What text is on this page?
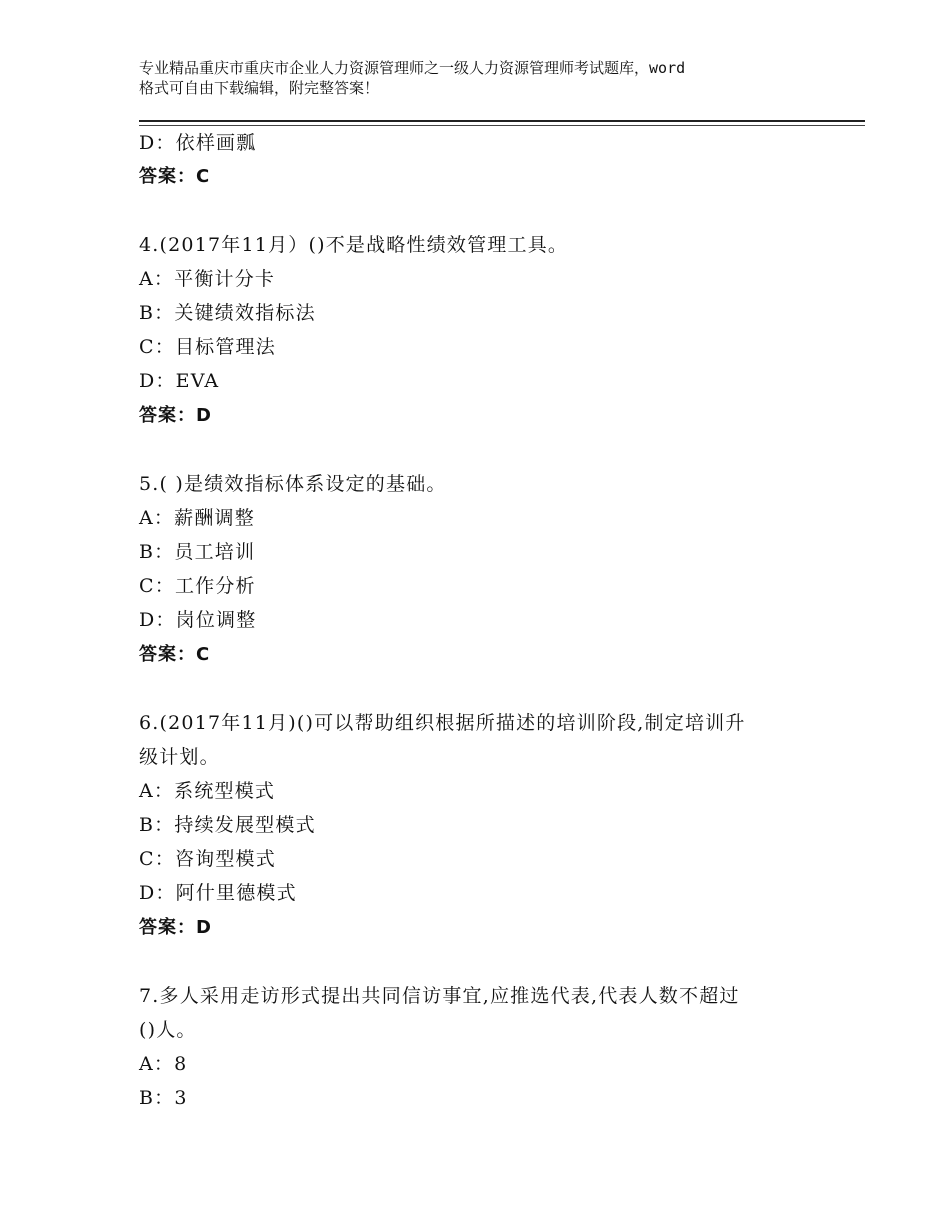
专业精品重庆市重庆市企业人力资源管理师之一级人力资源管理师考试题库，word
格式可自由下载编辑，附完整答案！
D：依样画瓢
答案：C
4.(2017年11月）()不是战略性绩效管理工具。
A：平衡计分卡
B：关键绩效指标法
C：目标管理法
D：EVA
答案：D
5.( )是绩效指标体系设定的基础。
A：薪酬调整
B：员工培训
C：工作分析
D：岗位调整
答案：C
6.(2017年11月)()可以帮助组织根据所描述的培训阶段,制定培训升
级计划。
A：系统型模式
B：持续发展型模式
C：咨询型模式
D：阿什里德模式
答案：D
7.多人采用走访形式提出共同信访事宜,应推选代表,代表人数不超过
()人。
A：8
B：3
